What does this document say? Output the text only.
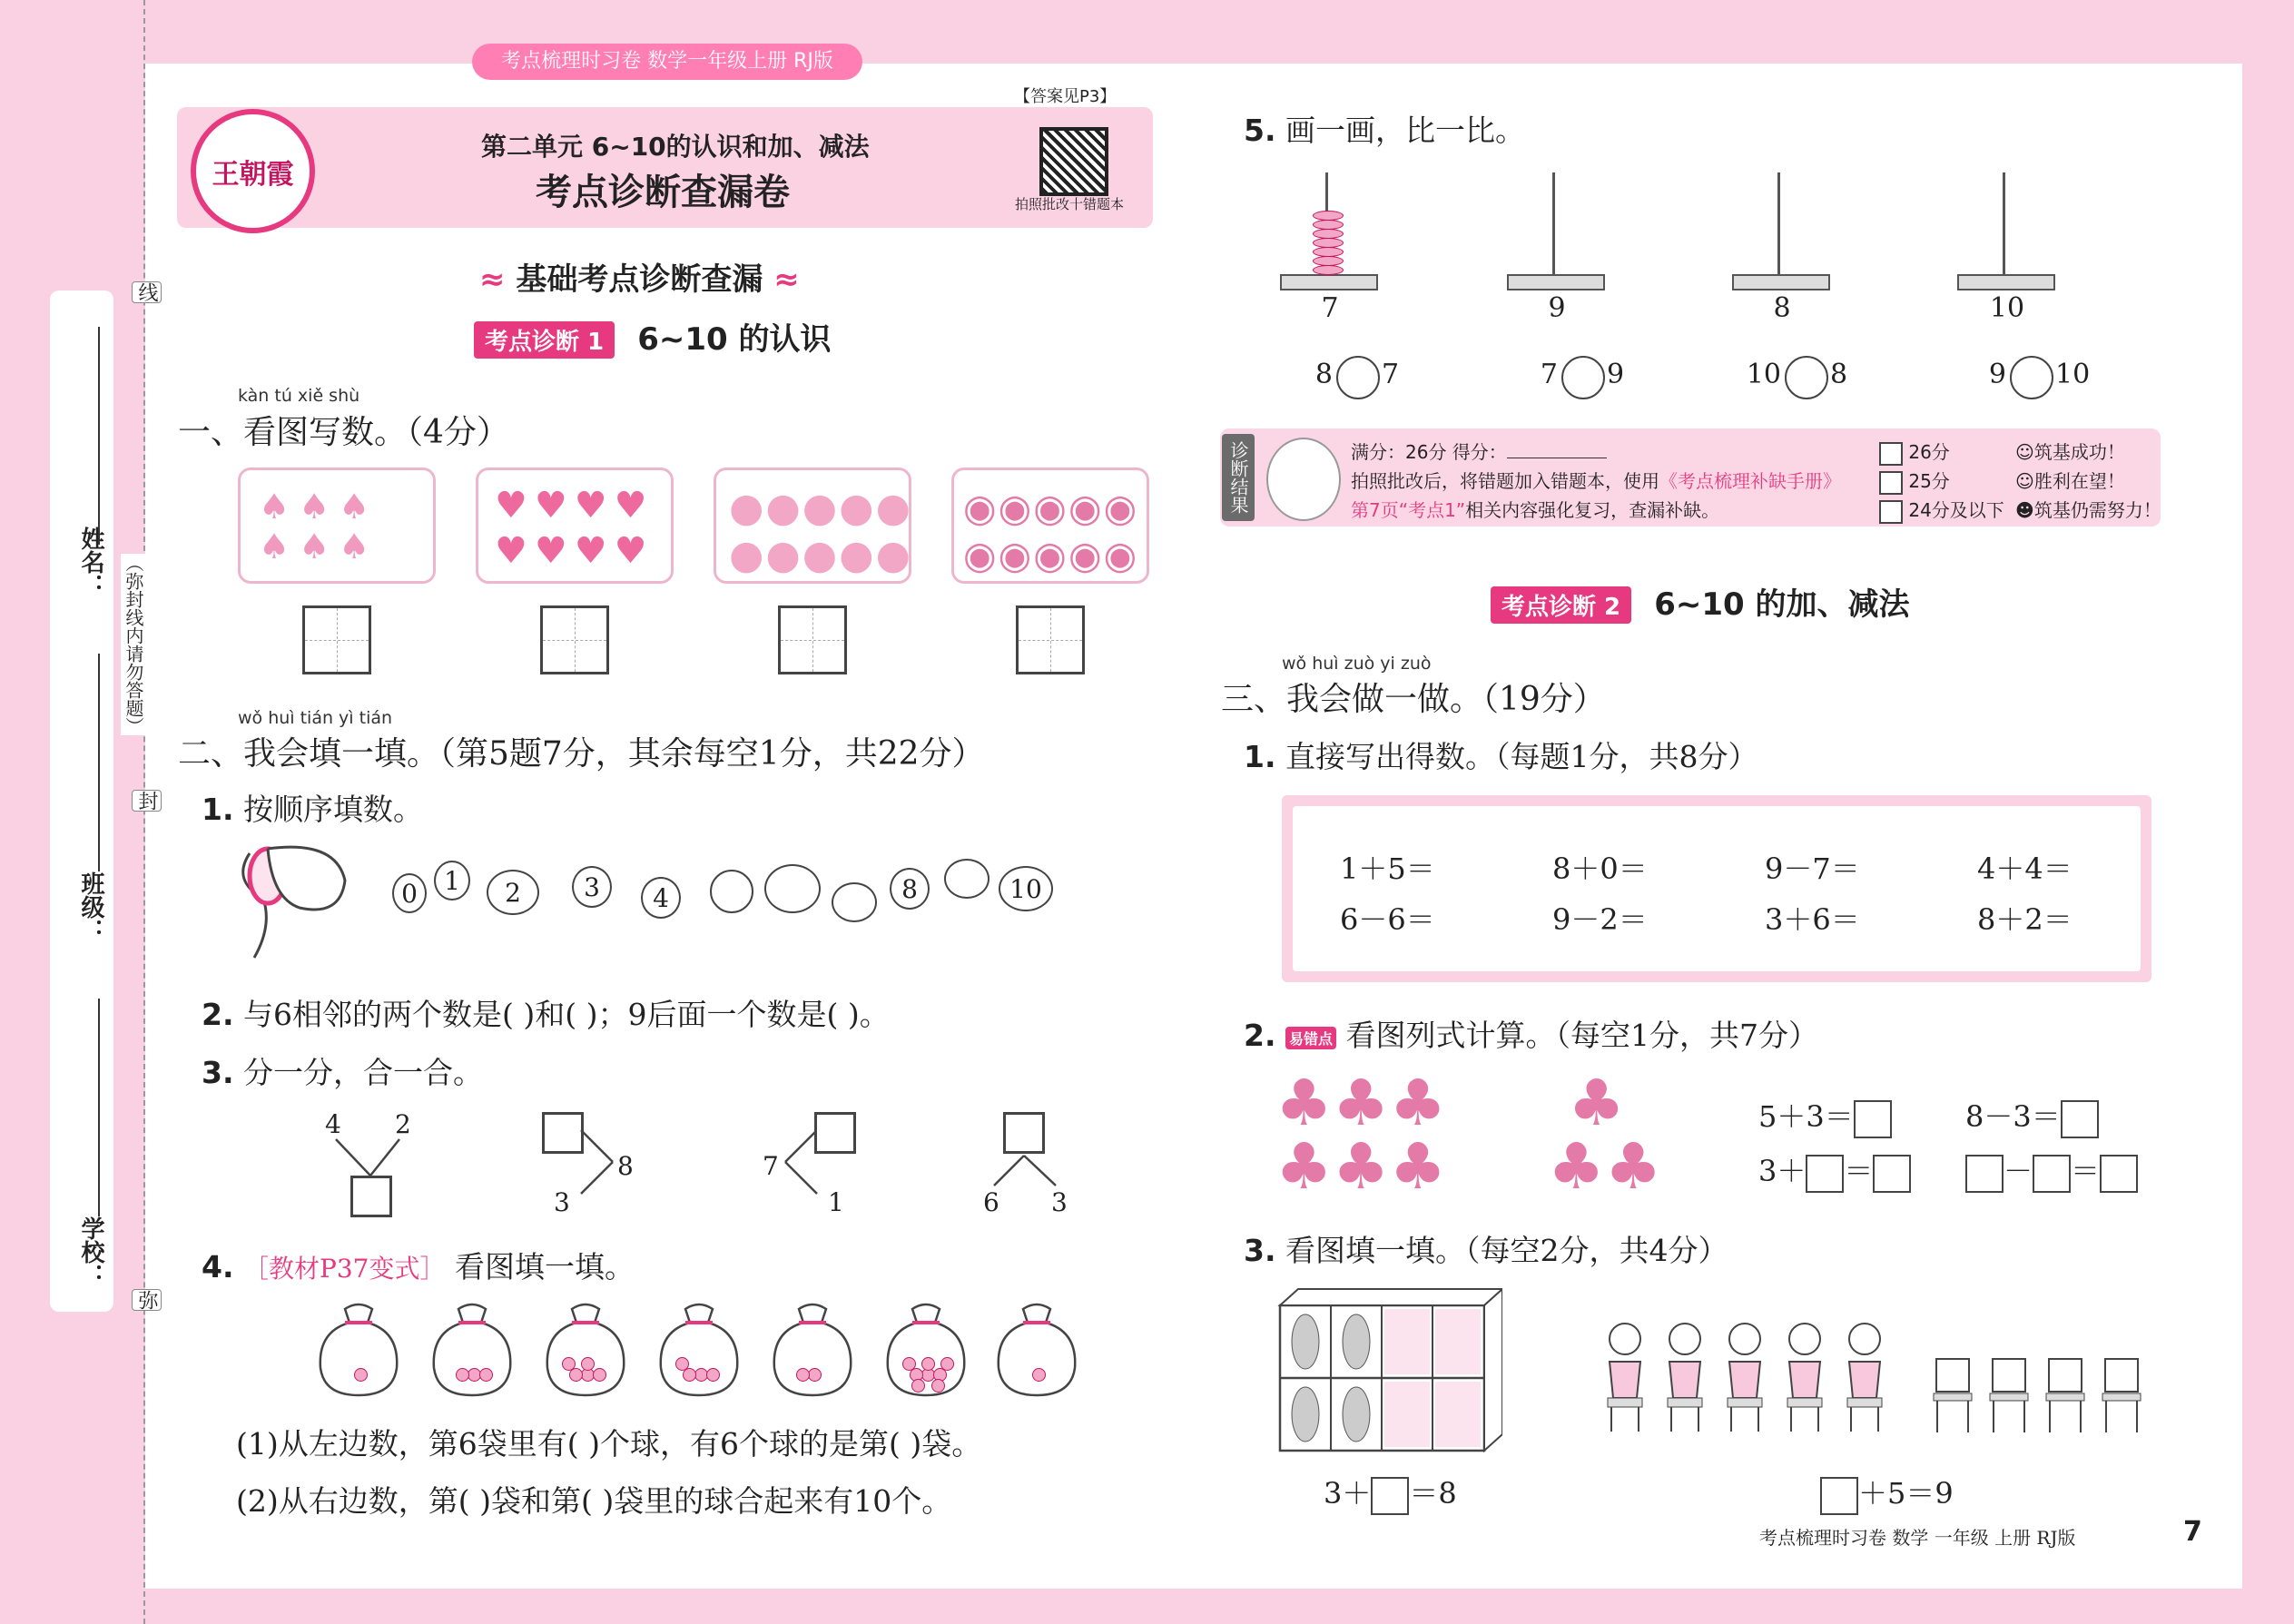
姓名：
班级：
学校：
线
（弥封线内请勿答题）
封
弥
考点梳理时习卷 数学一年级上册 RJ版
【答案见P3】
王朝霞
第二单元 6~10的认识和加、减法
考点诊断查漏卷	拍照批改十错题本
≈ 基础考点诊断查漏 ≈
考点诊断 1 6~10 的认识
kàn tú xiě shù
一、看图写数。（4分）
♠♠♠
♠♠♠
♥♥♥♥
♥♥♥♥
●●●●●
●●●●●
◉◉◉◉◉
◉◉◉◉◉
wǒ huì tián yì tián
二、我会填一填。（第5题7分，其余每空1分，共22分）
1. 按顺序填数。
2. 与6相邻的两个数是( )和( )；9后面一个数是( )。
3. 分一分，合一合。
4 2
8
3
7
1	6 3
4. ［教材P37变式］ 看图填一填。
(1)从左边数，第6袋里有( )个球，有6个球的是第( )袋。
(2)从右边数，第( )袋和第( )袋里的球合起来有10个。
5. 画一画，比一比。
诊断结果	满分：26分 得分：
拍照批改后，将错题加入错题本，使用《考点梳理补缺手册》
第7页“考点1”相关内容强化复习，查漏补缺。
26分	☺筑基成功！
25分	☺胜利在望！
24分及以下 ☻筑基仍需努力！
考点诊断 2 6~10 的加、减法
wǒ huì zuò yi zuò
三、我会做一做。（19分）
1. 直接写出得数。（每题1分，共8分）
2. 易错点 看图列式计算。（每空1分，共7分）
♣♣♣
♣♣♣
♣
♣♣
5＋3＝	8－3＝
3＋ ＝	－ ＝
3. 看图填一填。（每空2分，共4分）
3＋ ＝8	＋5＝9
考点梳理时习卷 数学 一年级 上册 RJ版	7
0	1	2	3	4	8	10
7	9	8	10
8 7	7 9	10 8	9 10
1＋5＝	8＋0＝	9－7＝	4＋4＝
6－6＝	9－2＝	3＋6＝	8＋2＝
